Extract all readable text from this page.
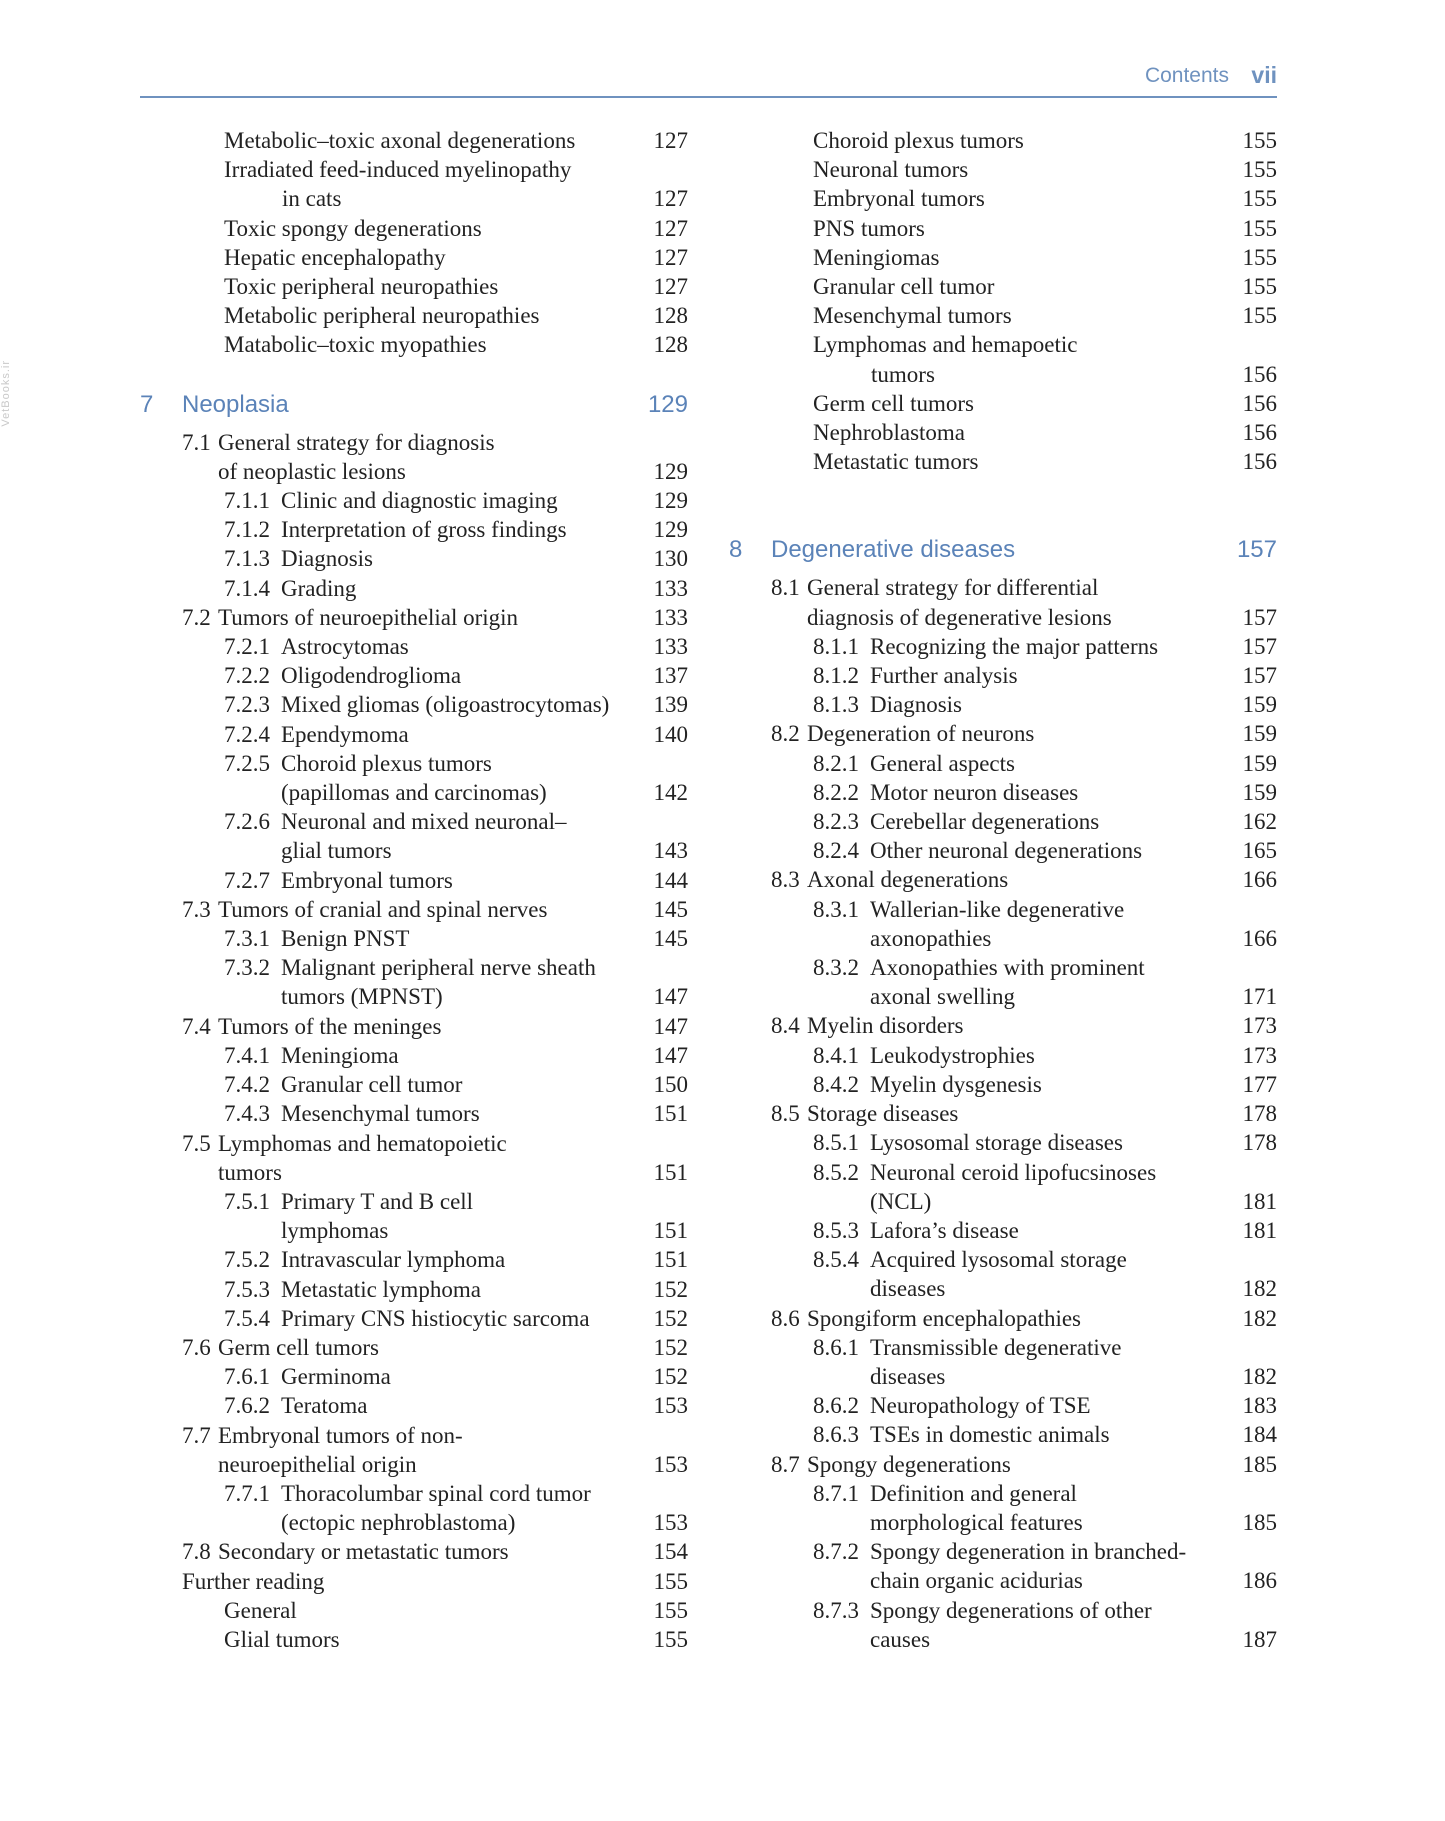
Contents vii
VetBooks.ir
Metabolic–toxic axonal degenerations	127
Irradiated feed-induced myelinopathy
in cats	127
Toxic spongy degenerations	127
Hepatic encephalopathy	127
Toxic peripheral neuropathies	127
Metabolic peripheral neuropathies	128
Matabolic–toxic myopathies	128
7 Neoplasia	129
7.1 General strategy for diagnosis
of neoplastic lesions	129
7.1.1 Clinic and diagnostic imaging	129
7.1.2 Interpretation of gross findings	129
7.1.3 Diagnosis	130
7.1.4 Grading	133
7.2 Tumors of neuroepithelial origin	133
7.2.1 Astrocytomas	133
7.2.2 Oligodendroglioma	137
7.2.3 Mixed gliomas (oligoastrocytomas)	139
7.2.4 Ependymoma	140
7.2.5 Choroid plexus tumors
(papillomas and carcinomas)	142
7.2.6 Neuronal and mixed neuronal–
glial tumors	143
7.2.7 Embryonal tumors	144
7.3 Tumors of cranial and spinal nerves	145
7.3.1 Benign PNST	145
7.3.2 Malignant peripheral nerve sheath
tumors (MPNST)	147
7.4 Tumors of the meninges	147
7.4.1 Meningioma	147
7.4.2 Granular cell tumor	150
7.4.3 Mesenchymal tumors	151
7.5 Lymphomas and hematopoietic
tumors	151
7.5.1 Primary T and B cell
lymphomas	151
7.5.2 Intravascular lymphoma	151
7.5.3 Metastatic lymphoma	152
7.5.4 Primary CNS histiocytic sarcoma	152
7.6 Germ cell tumors	152
7.6.1 Germinoma	152
7.6.2 Teratoma	153
7.7 Embryonal tumors of non-
neuroepithelial origin	153
7.7.1 Thoracolumbar spinal cord tumor
(ectopic nephroblastoma)	153
7.8 Secondary or metastatic tumors	154
Further reading	155
General	155
Glial tumors	155
Choroid plexus tumors	155
Neuronal tumors	155
Embryonal tumors	155
PNS tumors	155
Meningiomas	155
Granular cell tumor	155
Mesenchymal tumors	155
Lymphomas and hemapoetic
tumors	156
Germ cell tumors	156
Nephroblastoma	156
Metastatic tumors	156
8 Degenerative diseases	157
8.1 General strategy for differential
diagnosis of degenerative lesions	157
8.1.1 Recognizing the major patterns	157
8.1.2 Further analysis	157
8.1.3 Diagnosis	159
8.2 Degeneration of neurons	159
8.2.1 General aspects	159
8.2.2 Motor neuron diseases	159
8.2.3 Cerebellar degenerations	162
8.2.4 Other neuronal degenerations	165
8.3 Axonal degenerations	166
8.3.1 Wallerian-like degenerative
axonopathies	166
8.3.2 Axonopathies with prominent
axonal swelling	171
8.4 Myelin disorders	173
8.4.1 Leukodystrophies	173
8.4.2 Myelin dysgenesis	177
8.5 Storage diseases	178
8.5.1 Lysosomal storage diseases	178
8.5.2 Neuronal ceroid lipofucsinoses
(NCL)	181
8.5.3 Lafora’s disease	181
8.5.4 Acquired lysosomal storage
diseases	182
8.6 Spongiform encephalopathies	182
8.6.1 Transmissible degenerative
diseases	182
8.6.2 Neuropathology of TSE	183
8.6.3 TSEs in domestic animals	184
8.7 Spongy degenerations	185
8.7.1 Definition and general
morphological features	185
8.7.2 Spongy degeneration in branched-
chain organic acidurias	186
8.7.3 Spongy degenerations of other
causes	187
